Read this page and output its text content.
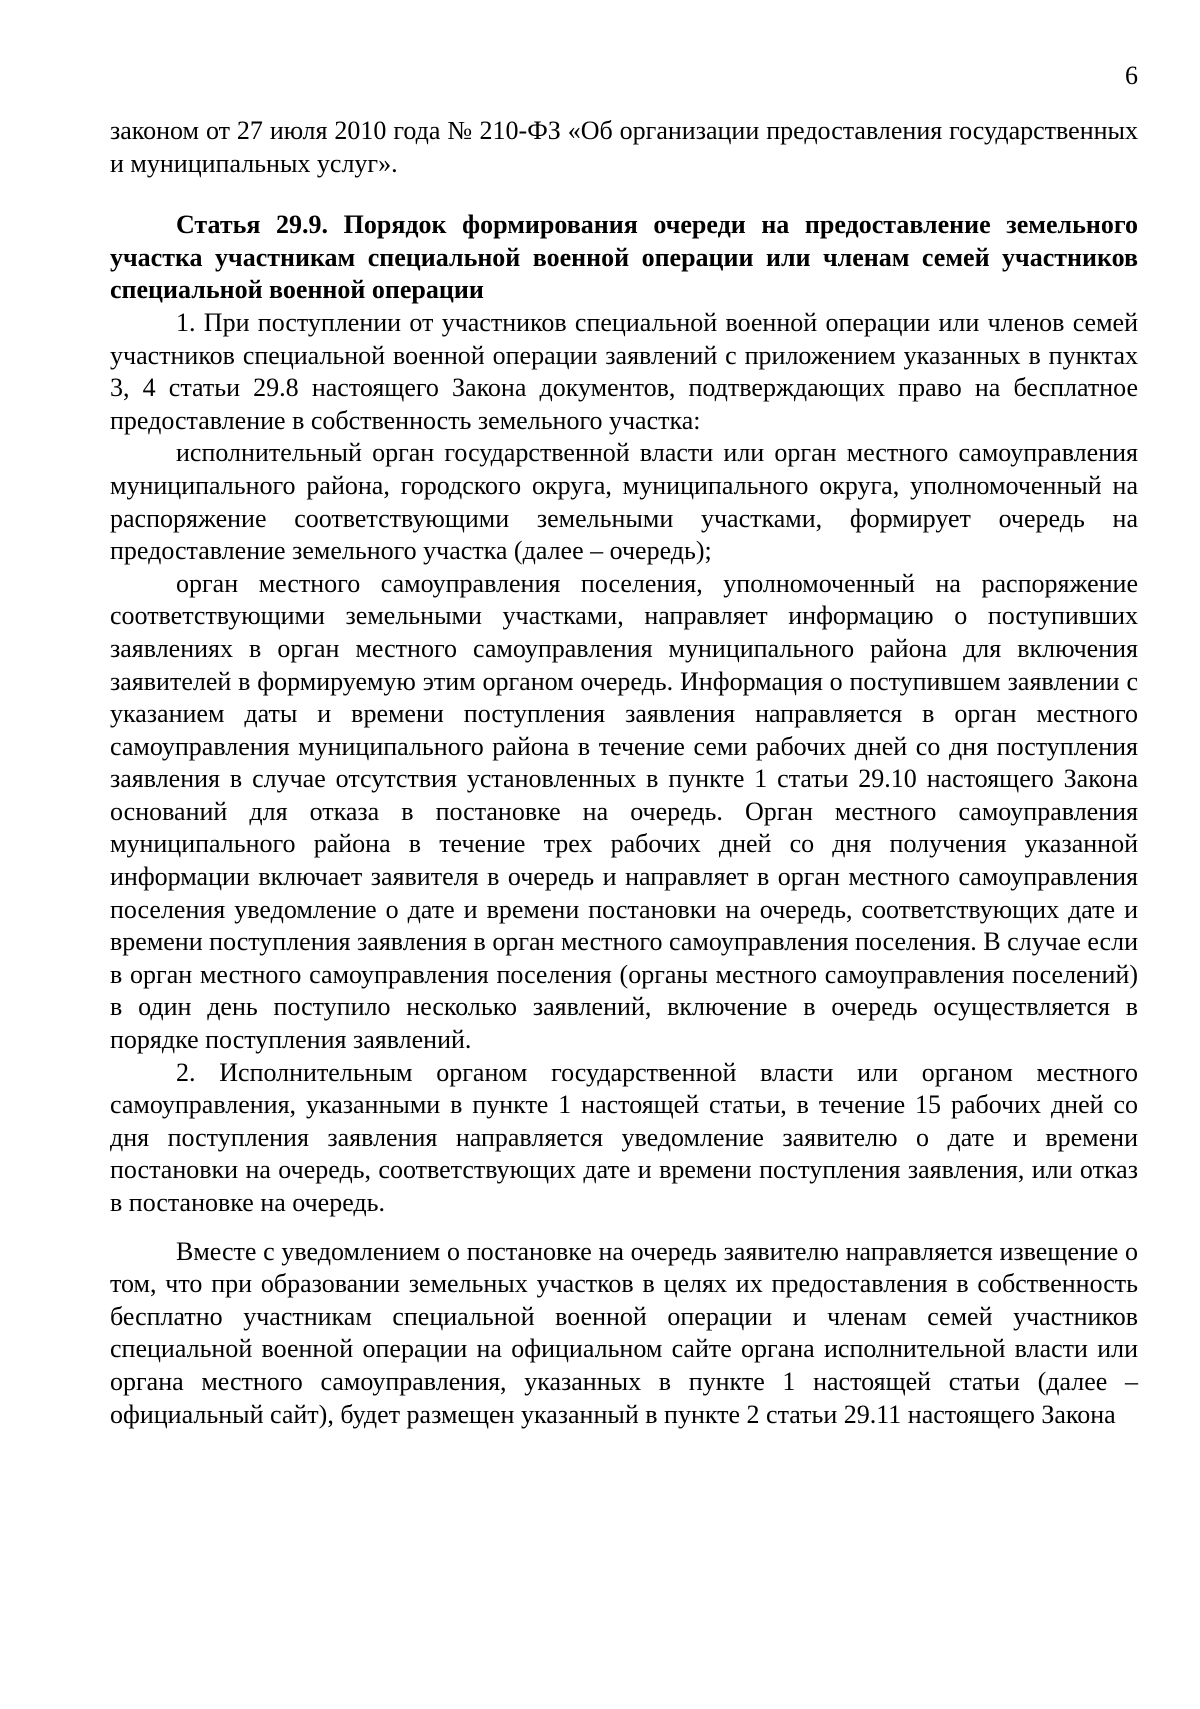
6

законом от 27 июля 2010 года № 210-ФЗ «Об организации предоставления государственных и муниципальных услуг».

Статья 29.9. Порядок формирования очереди на предоставление земельного участка участникам специальной военной операции или членам семей участников специальной военной операции

1. При поступлении от участников специальной военной операции или членов семей участников специальной военной операции заявлений с приложением указанных в пунктах 3, 4 статьи 29.8 настоящего Закона документов, подтверждающих право на бесплатное предоставление в собственность земельного участка:

исполнительный орган государственной власти или орган местного самоуправления муниципального района, городского округа, муниципального округа, уполномоченный на распоряжение соответствующими земельными участками, формирует очередь на предоставление земельного участка (далее – очередь);

орган местного самоуправления поселения, уполномоченный на распоряжение соответствующими земельными участками, направляет информацию о поступивших заявлениях в орган местного самоуправления муниципального района для включения заявителей в формируемую этим органом очередь. Информация о поступившем заявлении с указанием даты и времени поступления заявления направляется в орган местного самоуправления муниципального района в течение семи рабочих дней со дня поступления заявления в случае отсутствия установленных в пункте 1 статьи 29.10 настоящего Закона оснований для отказа в постановке на очередь. Орган местного самоуправления муниципального района в течение трех рабочих дней со дня получения указанной информации включает заявителя в очередь и направляет в орган местного самоуправления поселения уведомление о дате и времени постановки на очередь, соответствующих дате и времени поступления заявления в орган местного самоуправления поселения. В случае если в орган местного самоуправления поселения (органы местного самоуправления поселений) в один день поступило несколько заявлений, включение в очередь осуществляется в порядке поступления заявлений.

2. Исполнительным органом государственной власти или органом местного самоуправления, указанными в пункте 1 настоящей статьи, в течение 15 рабочих дней со дня поступления заявления направляется уведомление заявителю о дате и времени постановки на очередь, соответствующих дате и времени поступления заявления, или отказ в постановке на очередь.

Вместе с уведомлением о постановке на очередь заявителю направляется извещение о том, что при образовании земельных участков в целях их предоставления в собственность бесплатно участникам специальной военной операции и членам семей участников специальной военной операции на официальном сайте органа исполнительной власти или органа местного самоуправления, указанных в пункте 1 настоящей статьи (далее – официальный сайт), будет размещен указанный в пункте 2 статьи 29.11 настоящего Закона
